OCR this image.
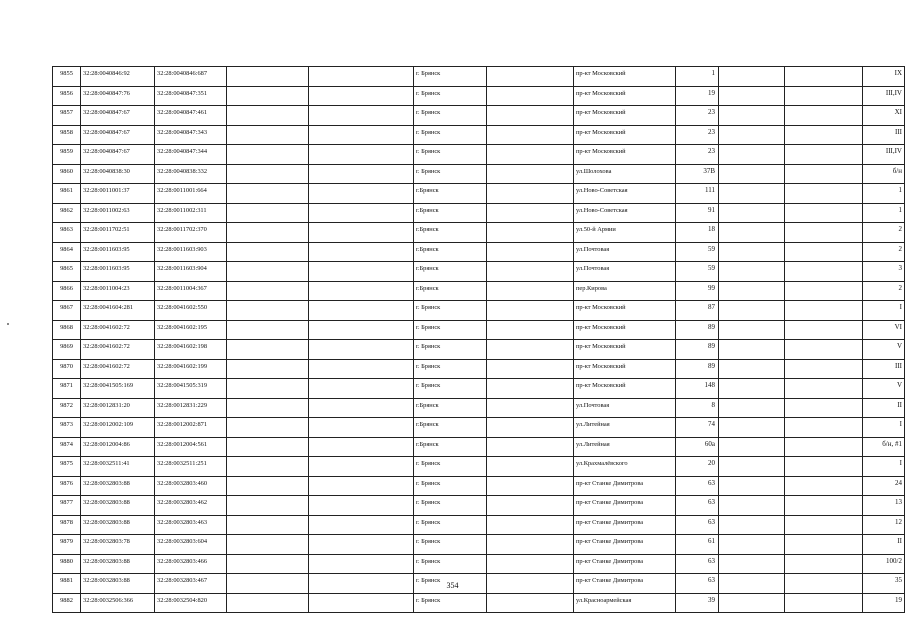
9855	32:28:0040846:92	32:28:0040846:687			г. Брянск		пр-кт Московский	1			IX
9856	32:28:0040847:76	32:28:0040847:351			г. Брянск		пр-кт Московский	19			III,IV
9857	32:28:0040847:67	32:28:0040847:461			г. Брянск		пр-кт Московский	23			XI
9858	32:28:0040847:67	32:28:0040847:343			г. Брянск		пр-кт Московский	23			III
9859	32:28:0040847:67	32:28:0040847:344			г. Брянск		пр-кт Московский	23			III,IV
9860	32:28:0040838:30	32:28:0040838:332			г. Брянск		ул.Шолохова	37В			б/н
9861	32:28:0011001:37	32:28:0011001:664			г.Брянск		ул.Ново-Советская	111			1
9862	32:28:0011002:63	32:28:0011002:311			г.Брянск		ул.Ново-Советская	91			1
9863	32:28:0011702:51	32:28:0011702:370			г.Брянск		ул.50-й Армии	18			2
9864	32:28:0011603:95	32:28:0011603:903			г.Брянск		ул.Почтовая	59			2
9865	32:28:0011603:95	32:28:0011603:904			г.Брянск		ул.Почтовая	59			3
9866	32:28:0011004:23	32:28:0011004:367			г.Брянск		пер.Кирова	99			2
9867	32:28:0041604:281	32:28:0041602:550			г. Брянск		пр-кт Московский	87			I
9868	32:28:0041602:72	32:28:0041602:195			г. Брянск		пр-кт Московский	89			VI
9869	32:28:0041602:72	32:28:0041602:198			г. Брянск		пр-кт Московский	89			V
9870	32:28:0041602:72	32:28:0041602:199			г. Брянск		пр-кт Московский	89			III
9871	32:28:0041505:169	32:28:0041505:319			г. Брянск		пр-кт Московский	148			V
9872	32:28:0012831:20	32:28:0012831:229			г.Брянск		ул.Почтовая	8			II
9873	32:28:0012002:109	32:28:0012002:871			г.Брянск		ул.Литейная	74			I
9874	32:28:0012004:86	32:28:0012004:561			г.Брянск		ул.Литейная	60а			б/н, #1
9875	32:28:0032511:41	32:28:0032511:251			г. Брянск		ул.Крахмалёвского	20			I
9876	32:28:0032803:88	32:28:0032803:460			г. Брянск		пр-кт Станке Димитрова	63			24
9877	32:28:0032803:88	32:28:0032803:462			г. Брянск		пр-кт Станке Димитрова	63			13
9878	32:28:0032803:88	32:28:0032803:463			г. Брянск		пр-кт Станке Димитрова	63			12
9879	32:28:0032803:78	32:28:0032803:604			г. Брянск		пр-кт Станке Димитрова	61			II
9880	32:28:0032803:88	32:28:0032803:466			г. Брянск		пр-кт Станке Димитрова	63			100/2
9881	32:28:0032803:88	32:28:0032803:467			г. Брянск		пр-кт Станке Димитрова	63			35
9882	32:28:0032506:366	32:28:0032504:820			г. Брянск		ул.Красноармейская	39			19
354
